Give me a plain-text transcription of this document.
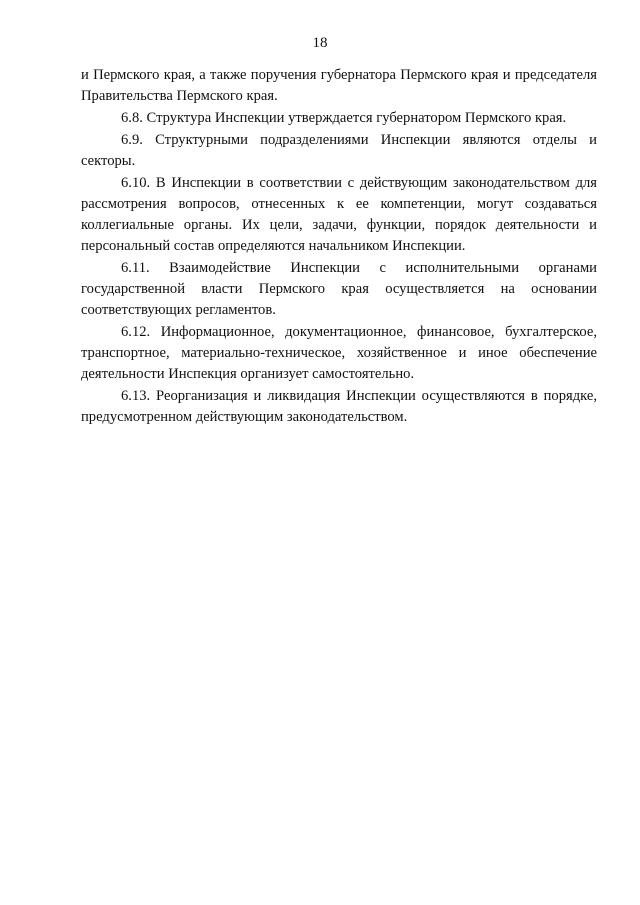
18

и Пермского края, а также поручения губернатора Пермского края и председателя Правительства Пермского края.

6.8. Структура Инспекции утверждается губернатором Пермского края.

6.9. Структурными подразделениями Инспекции являются отделы и секторы.

6.10. В Инспекции в соответствии с действующим законодательством для рассмотрения вопросов, отнесенных к ее компетенции, могут создаваться коллегиальные органы. Их цели, задачи, функции, порядок деятельности и персональный состав определяются начальником Инспекции.

6.11. Взаимодействие Инспекции с исполнительными органами государственной власти Пермского края осуществляется на основании соответствующих регламентов.

6.12. Информационное, документационное, финансовое, бухгалтерское, транспортное, материально-техническое, хозяйственное и иное обеспечение деятельности Инспекция организует самостоятельно.

6.13. Реорганизация и ликвидация Инспекции осуществляются в порядке, предусмотренном действующим законодательством.
